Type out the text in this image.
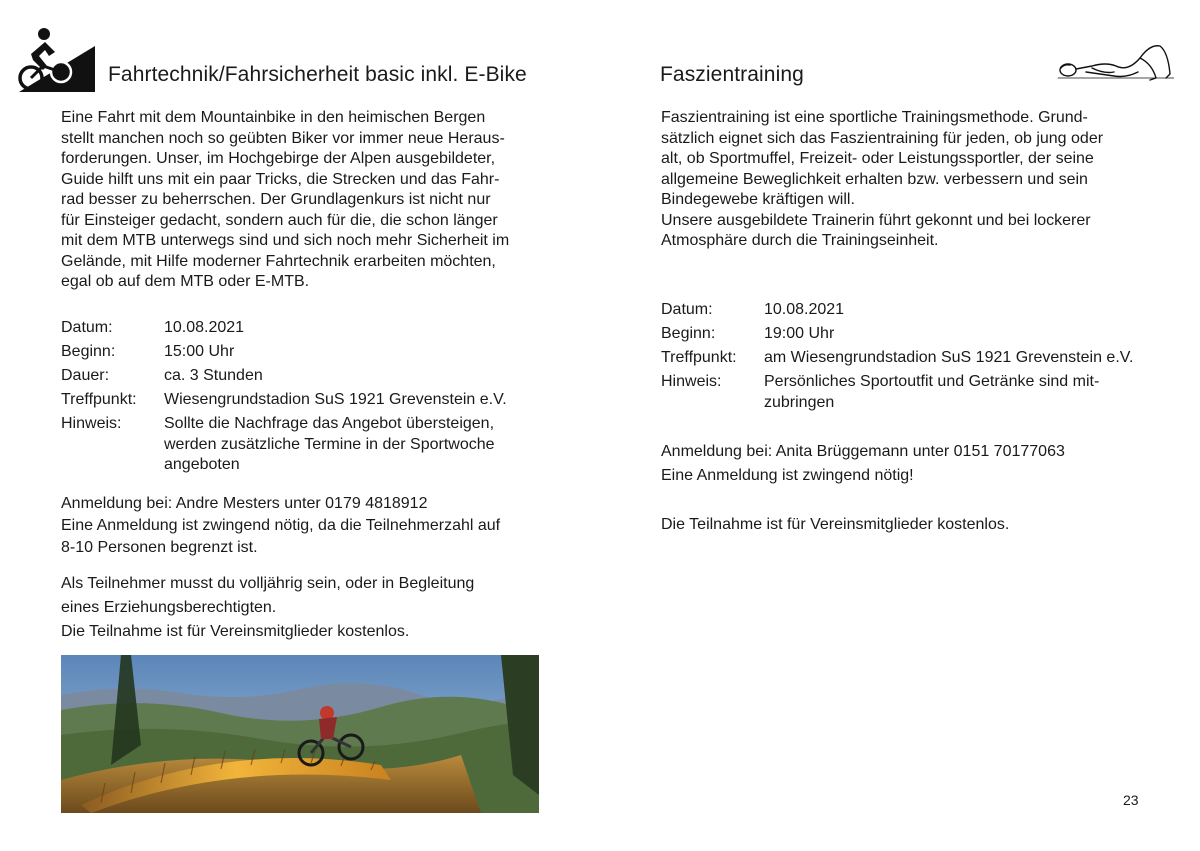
Fahrtechnik/Fahrsicherheit basic inkl. E-Bike

Eine Fahrt mit dem Mountainbike in den heimischen Bergen
stellt manchen noch so geübten Biker vor immer neue Heraus-
forderungen. Unser, im Hochgebirge der Alpen ausgebildeter,
Guide hilft uns mit ein paar Tricks, die Strecken und das Fahr-
rad besser zu beherrschen. Der Grundlagenkurs ist nicht nur
für Einsteiger gedacht, sondern auch für die, die schon länger
mit dem MTB unterwegs sind und sich noch mehr Sicherheit im
Gelände, mit Hilfe moderner Fahrtechnik erarbeiten möchten,
egal ob auf dem MTB oder E-MTB.

Datum:	10.08.2021
Beginn:	15:00 Uhr
Dauer:	ca. 3 Stunden
Treffpunkt:	Wiesengrundstadion SuS 1921 Grevenstein e.V.
Hinweis:	Sollte die Nachfrage das Angebot übersteigen,
werden zusätzliche Termine in der Sportwoche
angeboten
Anmeldung bei: Andre Mesters unter 0179 4818912
Eine Anmeldung ist zwingend nötig, da die Teilnehmerzahl auf
8-10 Personen begrenzt ist.
Als Teilnehmer musst du volljährig sein, oder in Begleitung
eines Erziehungsberechtigten.
Die Teilnahme ist für Vereinsmitglieder kostenlos.
Faszientraining

Faszientraining ist eine sportliche Trainingsmethode. Grund-
sätzlich eignet sich das Faszientraining für jeden, ob jung oder
alt, ob Sportmuffel, Freizeit- oder Leistungssportler, der seine
allgemeine Beweglichkeit erhalten bzw. verbessern und sein
Bindegewebe kräftigen will.
Unsere ausgebildete Trainerin führt gekonnt und bei lockerer
Atmosphäre durch die Trainingseinheit.

Datum:	10.08.2021
Beginn:	19:00 Uhr
Treffpunkt:	am Wiesengrundstadion SuS 1921 Grevenstein e.V.
Hinweis:	Persönliches Sportoutfit und Getränke sind mit-
zubringen
Anmeldung bei: Anita Brüggemann unter 0151 70177063
Eine Anmeldung ist zwingend nötig!
Die Teilnahme ist für Vereinsmitglieder kostenlos.
23
